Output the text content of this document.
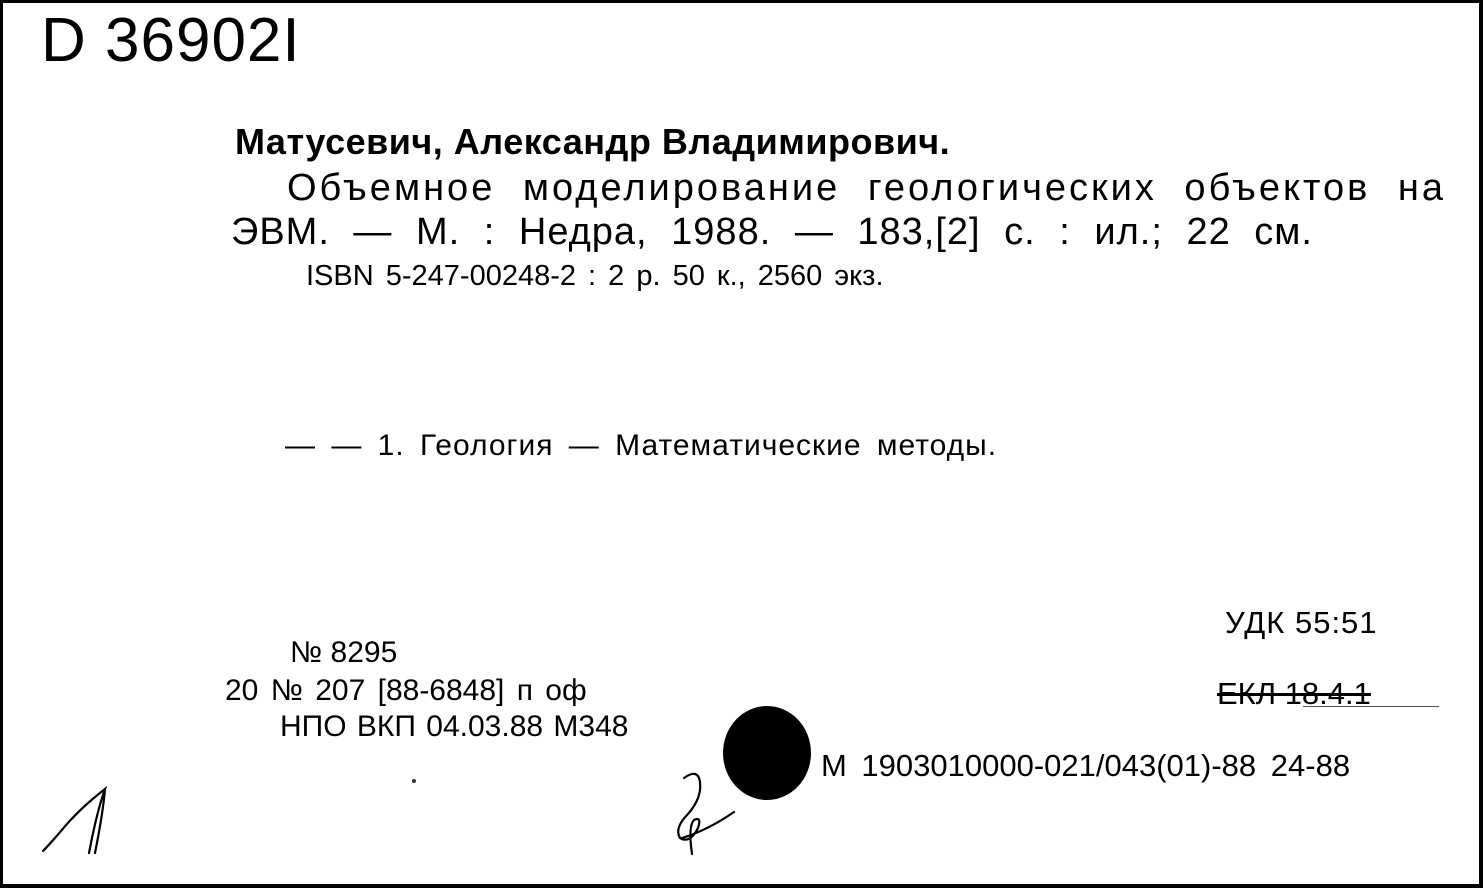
D 36902I
Матусевич, Александр Владимирович.
Объемное моделирование геологических объектов на
ЭВМ. — М. : Недра, 1988. — 183,[2] с. : ил.; 22 см.
ISBN 5-247-00248-2 : 2 р. 50 к., 2560 экз.
— — 1. Геология — Математические методы.
УДК 55:51
ЕКЛ 18.4.1
№ 8295
20 № 207 [88-6848] п оф
НПО ВКП 04.03.88 М348
М 1903010000-021/043(01)-88 24-88
